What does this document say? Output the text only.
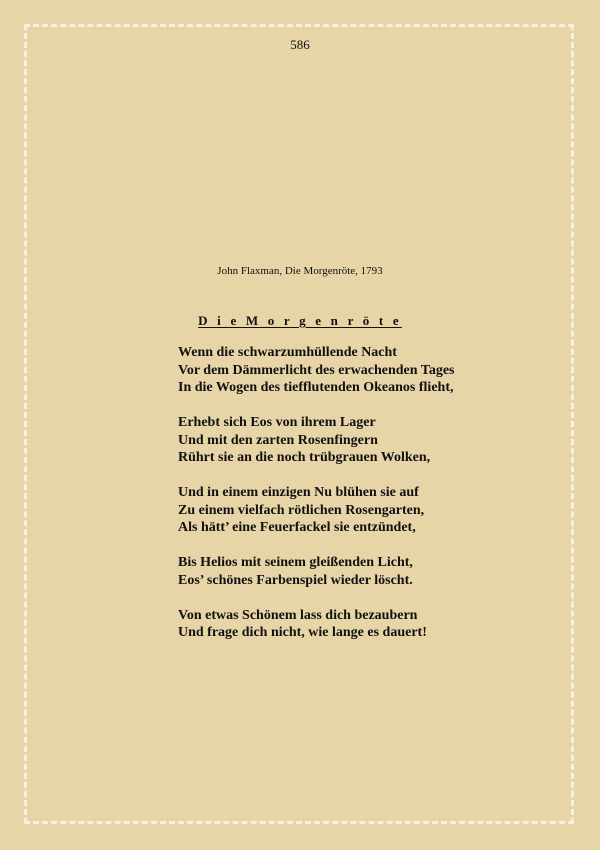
586
John Flaxman, Die Morgenröte, 1793
D i e M o r g e n r ö t e
Wenn die schwarzumhüllende Nacht
Vor dem Dämmerlicht des erwachenden Tages
In die Wogen des tiefflutenden Okeanos flieht,
Erhebt sich Eos von ihrem Lager
Und mit den zarten Rosenfingern
Rührt sie an die noch trübgrauen Wolken,
Und in einem einzigen Nu blühen sie auf
Zu einem vielfach rötlichen Rosengarten,
Als hätt’ eine Feuerfackel sie entzündet,
Bis Helios mit seinem gleißenden Licht,
Eos’ schönes Farbenspiel wieder löscht.
Von etwas Schönem lass dich bezaubern
Und frage dich nicht, wie lange es dauert!
